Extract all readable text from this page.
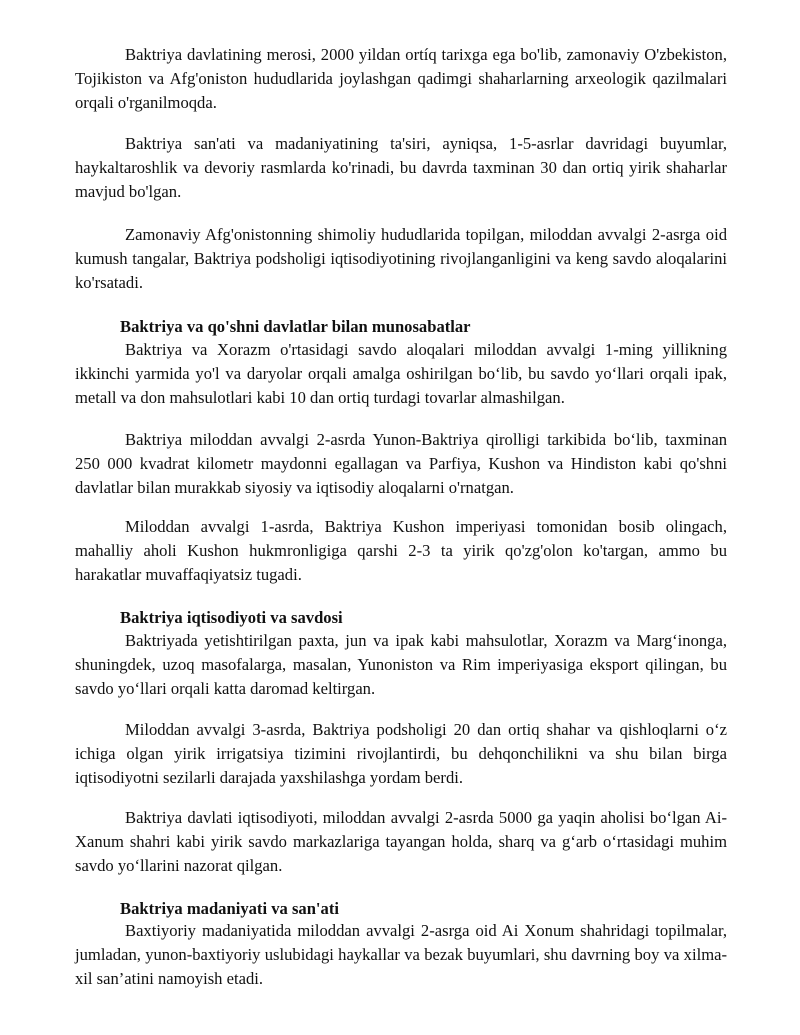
Baktriya davlatining merosi, 2000 yildan ortíq tarixga ega bo'lib, zamonaviy O'zbekiston, Tojikiston va Afg'oniston hududlarida joylashgan qadimgi shaharlarning arxeologik qazilmalari orqali o'rganilmoqda.

Baktriya san'ati va madaniyatining ta'siri, ayniqsa, 1-5-asrlar davridagi buyumlar, haykaltaroshlik va devoriy rasmlarda ko'rinadi, bu davrda taxminan 30 dan ortiq yirik shaharlar mavjud bo'lgan.

Zamonaviy Afg'onistonning shimoliy hududlarida topilgan, miloddan avvalgi 2-asrga oid kumush tangalar, Baktriya podsholigi iqtisodiyotining rivojlanganligini va keng savdo aloqalarini ko'rsatadi.

Baktriya va qo'shni davlatlar bilan munosabatlar

Baktriya va Xorazm o'rtasidagi savdo aloqalari miloddan avvalgi 1-ming yillikning ikkinchi yarmida yo'l va daryolar orqali amalga oshirilgan bo‘lib, bu savdo yo‘llari orqali ipak, metall va don mahsulotlari kabi 10 dan ortiq turdagi tovarlar almashilgan.

Baktriya miloddan avvalgi 2-asrda Yunon-Baktriya qirolligi tarkibida bo‘lib, taxminan 250 000 kvadrat kilometr maydonni egallagan va Parfiya, Kushon va Hindiston kabi qo'shni davlatlar bilan murakkab siyosiy va iqtisodiy aloqalarni o'rnatgan.

Miloddan avvalgi 1-asrda, Baktriya Kushon imperiyasi tomonidan bosib olingach, mahalliy aholi Kushon hukmronligiga qarshi 2-3 ta yirik qo'zg'olon ko'targan, ammo bu harakatlar muvaffaqiyatsiz tugadi.

Baktriya iqtisodiyoti va savdosi

Baktriyada yetishtirilgan paxta, jun va ipak kabi mahsulotlar, Xorazm va Marg‘inonga, shuningdek, uzoq masofalarga, masalan, Yunoniston va Rim imperiyasiga eksport qilingan, bu savdo yo‘llari orqali katta daromad keltirgan.

Miloddan avvalgi 3-asrda, Baktriya podsholigi 20 dan ortiq shahar va qishloqlarni o‘z ichiga olgan yirik irrigatsiya tizimini rivojlantirdi, bu dehqonchilikni va shu bilan birga iqtisodiyotni sezilarli darajada yaxshilashga yordam berdi.

Baktriya davlati iqtisodiyoti, miloddan avvalgi 2-asrda 5000 ga yaqin aholisi bo‘lgan Ai-Xanum shahri kabi yirik savdo markazlariga tayangan holda, sharq va g‘arb o‘rtasidagi muhim savdo yo‘llarini nazorat qilgan.

Baktriya madaniyati va san'ati

Baxtiyoriy madaniyatida miloddan avvalgi 2-asrga oid Ai Xonum shahridagi topilmalar, jumladan, yunon-baxtiyoriy uslubidagi haykallar va bezak buyumlari, shu davrning boy va xilma-xil san’atini namoyish etadi.
